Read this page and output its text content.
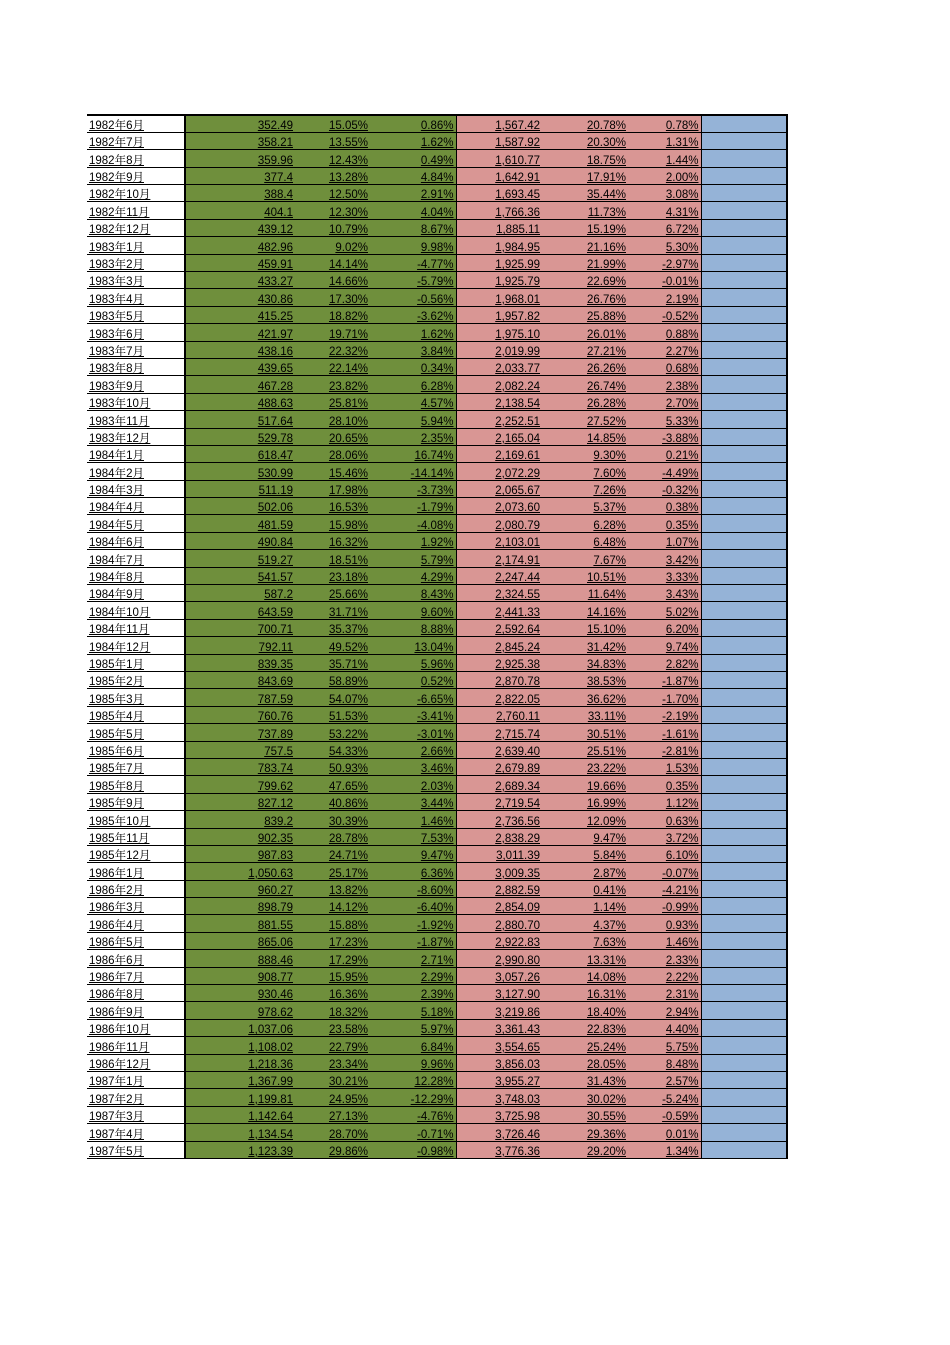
1982年6月	352.49	15.05%	0.86%	1,567.42	20.78%	0.78%	
1982年7月	358.21	13.55%	1.62%	1,587.92	20.30%	1.31%	
1982年8月	359.96	12.43%	0.49%	1,610.77	18.75%	1.44%	
1982年9月	377.4	13.28%	4.84%	1,642.91	17.91%	2.00%	
1982年10月	388.4	12.50%	2.91%	1,693.45	35.44%	3.08%	
1982年11月	404.1	12.30%	4.04%	1,766.36	11.73%	4.31%	
1982年12月	439.12	10.79%	8.67%	1,885.11	15.19%	6.72%	
1983年1月	482.96	9.02%	9.98%	1,984.95	21.16%	5.30%	
1983年2月	459.91	14.14%	-4.77%	1,925.99	21.99%	-2.97%	
1983年3月	433.27	14.66%	-5.79%	1,925.79	22.69%	-0.01%	
1983年4月	430.86	17.30%	-0.56%	1,968.01	26.76%	2.19%	
1983年5月	415.25	18.82%	-3.62%	1,957.82	25.88%	-0.52%	
1983年6月	421.97	19.71%	1.62%	1,975.10	26.01%	0.88%	
1983年7月	438.16	22.32%	3.84%	2,019.99	27.21%	2.27%	
1983年8月	439.65	22.14%	0.34%	2,033.77	26.26%	0.68%	
1983年9月	467.28	23.82%	6.28%	2,082.24	26.74%	2.38%	
1983年10月	488.63	25.81%	4.57%	2,138.54	26.28%	2.70%	
1983年11月	517.64	28.10%	5.94%	2,252.51	27.52%	5.33%	
1983年12月	529.78	20.65%	2.35%	2,165.04	14.85%	-3.88%	
1984年1月	618.47	28.06%	16.74%	2,169.61	9.30%	0.21%	
1984年2月	530.99	15.46%	-14.14%	2,072.29	7.60%	-4.49%	
1984年3月	511.19	17.98%	-3.73%	2,065.67	7.26%	-0.32%	
1984年4月	502.06	16.53%	-1.79%	2,073.60	5.37%	0.38%	
1984年5月	481.59	15.98%	-4.08%	2,080.79	6.28%	0.35%	
1984年6月	490.84	16.32%	1.92%	2,103.01	6.48%	1.07%	
1984年7月	519.27	18.51%	5.79%	2,174.91	7.67%	3.42%	
1984年8月	541.57	23.18%	4.29%	2,247.44	10.51%	3.33%	
1984年9月	587.2	25.66%	8.43%	2,324.55	11.64%	3.43%	
1984年10月	643.59	31.71%	9.60%	2,441.33	14.16%	5.02%	
1984年11月	700.71	35.37%	8.88%	2,592.64	15.10%	6.20%	
1984年12月	792.11	49.52%	13.04%	2,845.24	31.42%	9.74%	
1985年1月	839.35	35.71%	5.96%	2,925.38	34.83%	2.82%	
1985年2月	843.69	58.89%	0.52%	2,870.78	38.53%	-1.87%	
1985年3月	787.59	54.07%	-6.65%	2,822.05	36.62%	-1.70%	
1985年4月	760.76	51.53%	-3.41%	2,760.11	33.11%	-2.19%	
1985年5月	737.89	53.22%	-3.01%	2,715.74	30.51%	-1.61%	
1985年6月	757.5	54.33%	2.66%	2,639.40	25.51%	-2.81%	
1985年7月	783.74	50.93%	3.46%	2,679.89	23.22%	1.53%	
1985年8月	799.62	47.65%	2.03%	2,689.34	19.66%	0.35%	
1985年9月	827.12	40.86%	3.44%	2,719.54	16.99%	1.12%	
1985年10月	839.2	30.39%	1.46%	2,736.56	12.09%	0.63%	
1985年11月	902.35	28.78%	7.53%	2,838.29	9.47%	3.72%	
1985年12月	987.83	24.71%	9.47%	3,011.39	5.84%	6.10%	
1986年1月	1,050.63	25.17%	6.36%	3,009.35	2.87%	-0.07%	
1986年2月	960.27	13.82%	-8.60%	2,882.59	0.41%	-4.21%	
1986年3月	898.79	14.12%	-6.40%	2,854.09	1.14%	-0.99%	
1986年4月	881.55	15.88%	-1.92%	2,880.70	4.37%	0.93%	
1986年5月	865.06	17.23%	-1.87%	2,922.83	7.63%	1.46%	
1986年6月	888.46	17.29%	2.71%	2,990.80	13.31%	2.33%	
1986年7月	908.77	15.95%	2.29%	3,057.26	14.08%	2.22%	
1986年8月	930.46	16.36%	2.39%	3,127.90	16.31%	2.31%	
1986年9月	978.62	18.32%	5.18%	3,219.86	18.40%	2.94%	
1986年10月	1,037.06	23.58%	5.97%	3,361.43	22.83%	4.40%	
1986年11月	1,108.02	22.79%	6.84%	3,554.65	25.24%	5.75%	
1986年12月	1,218.36	23.34%	9.96%	3,856.03	28.05%	8.48%	
1987年1月	1,367.99	30.21%	12.28%	3,955.27	31.43%	2.57%	
1987年2月	1,199.81	24.95%	-12.29%	3,748.03	30.02%	-5.24%	
1987年3月	1,142.64	27.13%	-4.76%	3,725.98	30.55%	-0.59%	
1987年4月	1,134.54	28.70%	-0.71%	3,726.46	29.36%	0.01%	
1987年5月	1,123.39	29.86%	-0.98%	3,776.36	29.20%	1.34%	
